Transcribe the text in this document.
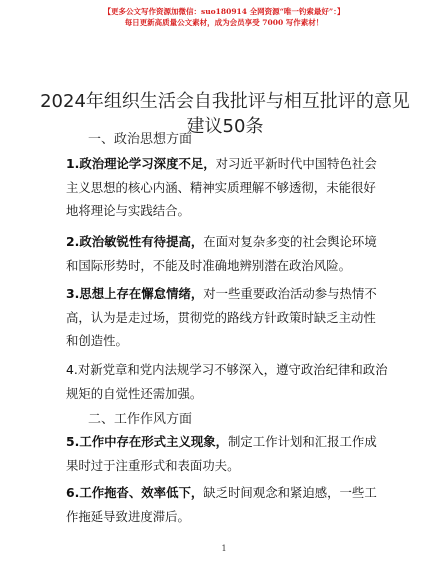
【更多公文写作资源加微信：suo180914 全网资源“唯一钓索最好”：】
每日更新高质量公文素材，成为会员享受 7000 写作素材！
2024年组织生活会自我批评与相互批评的意见
建议50条
一、政治思想方面
1.政治理论学习深度不足，对习近平新时代中国特色社会主义思想的核心内涵、精神实质理解不够透彻，未能很好地将理论与实践结合。
2.政治敏锐性有待提高，在面对复杂多变的社会舆论环境和国际形势时，不能及时准确地辨别潜在政治风险。
3.思想上存在懈怠情绪，对一些重要政治活动参与热情不高，认为是走过场，贯彻党的路线方针政策时缺乏主动性和创造性。
4.对新党章和党内法规学习不够深入，遵守政治纪律和政治规矩的自觉性还需加强。
二、工作作风方面
5.工作中存在形式主义现象，制定工作计划和汇报工作成果时过于注重形式和表面功夫。
6.工作拖沓、效率低下，缺乏时间观念和紧迫感，一些工作拖延导致进度滞后。
1
